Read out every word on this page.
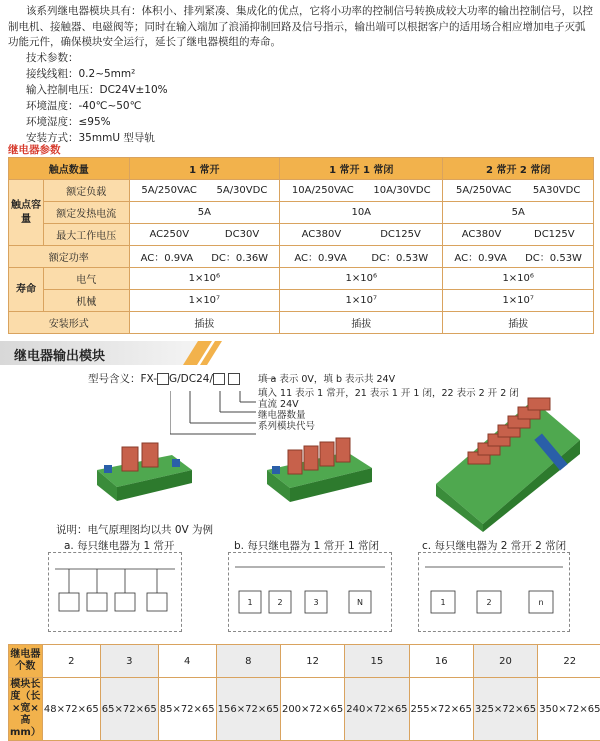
该系列继电器模块具有：体积小、排列紧凑、集成化的优点，它将小功率的控制信号转换成较大功率的输出控制信号，以控制电机、接触器、电磁阀等；同时在输入端加了浪涌抑制回路及信号指示，输出端可以根据客户的适用场合相应增加电子灭弧功能元件，确保模块安全运行，延长了继电器模组的寿命。
技术参数：
接线线粗：0.2~5mm²
输入控制电压：DC24V±10%
环境温度：-40℃~50℃
环境湿度：≤95%
安装方式：35mmU 型导轨
继电器参数
触点数量		1 常开	1 常开 1 常闭	2 常开 2 常闭
触点容量	额定负载	5A/250VAC 5A/30VDC	10A/250VAC 10A/30VDC	5A/250VAC 5A30VDC

	额定发热电流	5A	10A	5A
	最大工作电压	AC250V DC30V	AC380V DC125V	AC380V DC125V

额定功率		AC：0.9VA DC：0.36W	AC：0.9VA DC：0.53W	AC：0.9VA DC：0.53W

寿命	电气	1×10⁶	1×10⁶	1×10⁶
	机械	1×10⁷	1×10⁷	1×10⁷
安装形式		插拔	插拔	插拔
继电器输出模块
型号含义：FX- G/DC24/	填 a 表示 0V，填 b 表示共 24V
填入 11 表示 1 常开，21 表示 1 开 1 闭，22 表示 2 开 2 闭
直流 24V
继电器数量
系列模块代号
说明：电气原理图均以共 0V 为例
a. 每只继电器为 1 常开	b. 每只继电器为 1 常开 1 常闭	c. 每只继电器为 2 常开 2 常闭
1	2	3	N	1	2	n
继电器个数	2	3	4	8	12	15	16	20	22
模块长度（长×宽×高mm）	48×72×65	65×72×65	85×72×65	156×72×65	200×72×65	240×72×65	255×72×65	325×72×65	350×72×65
